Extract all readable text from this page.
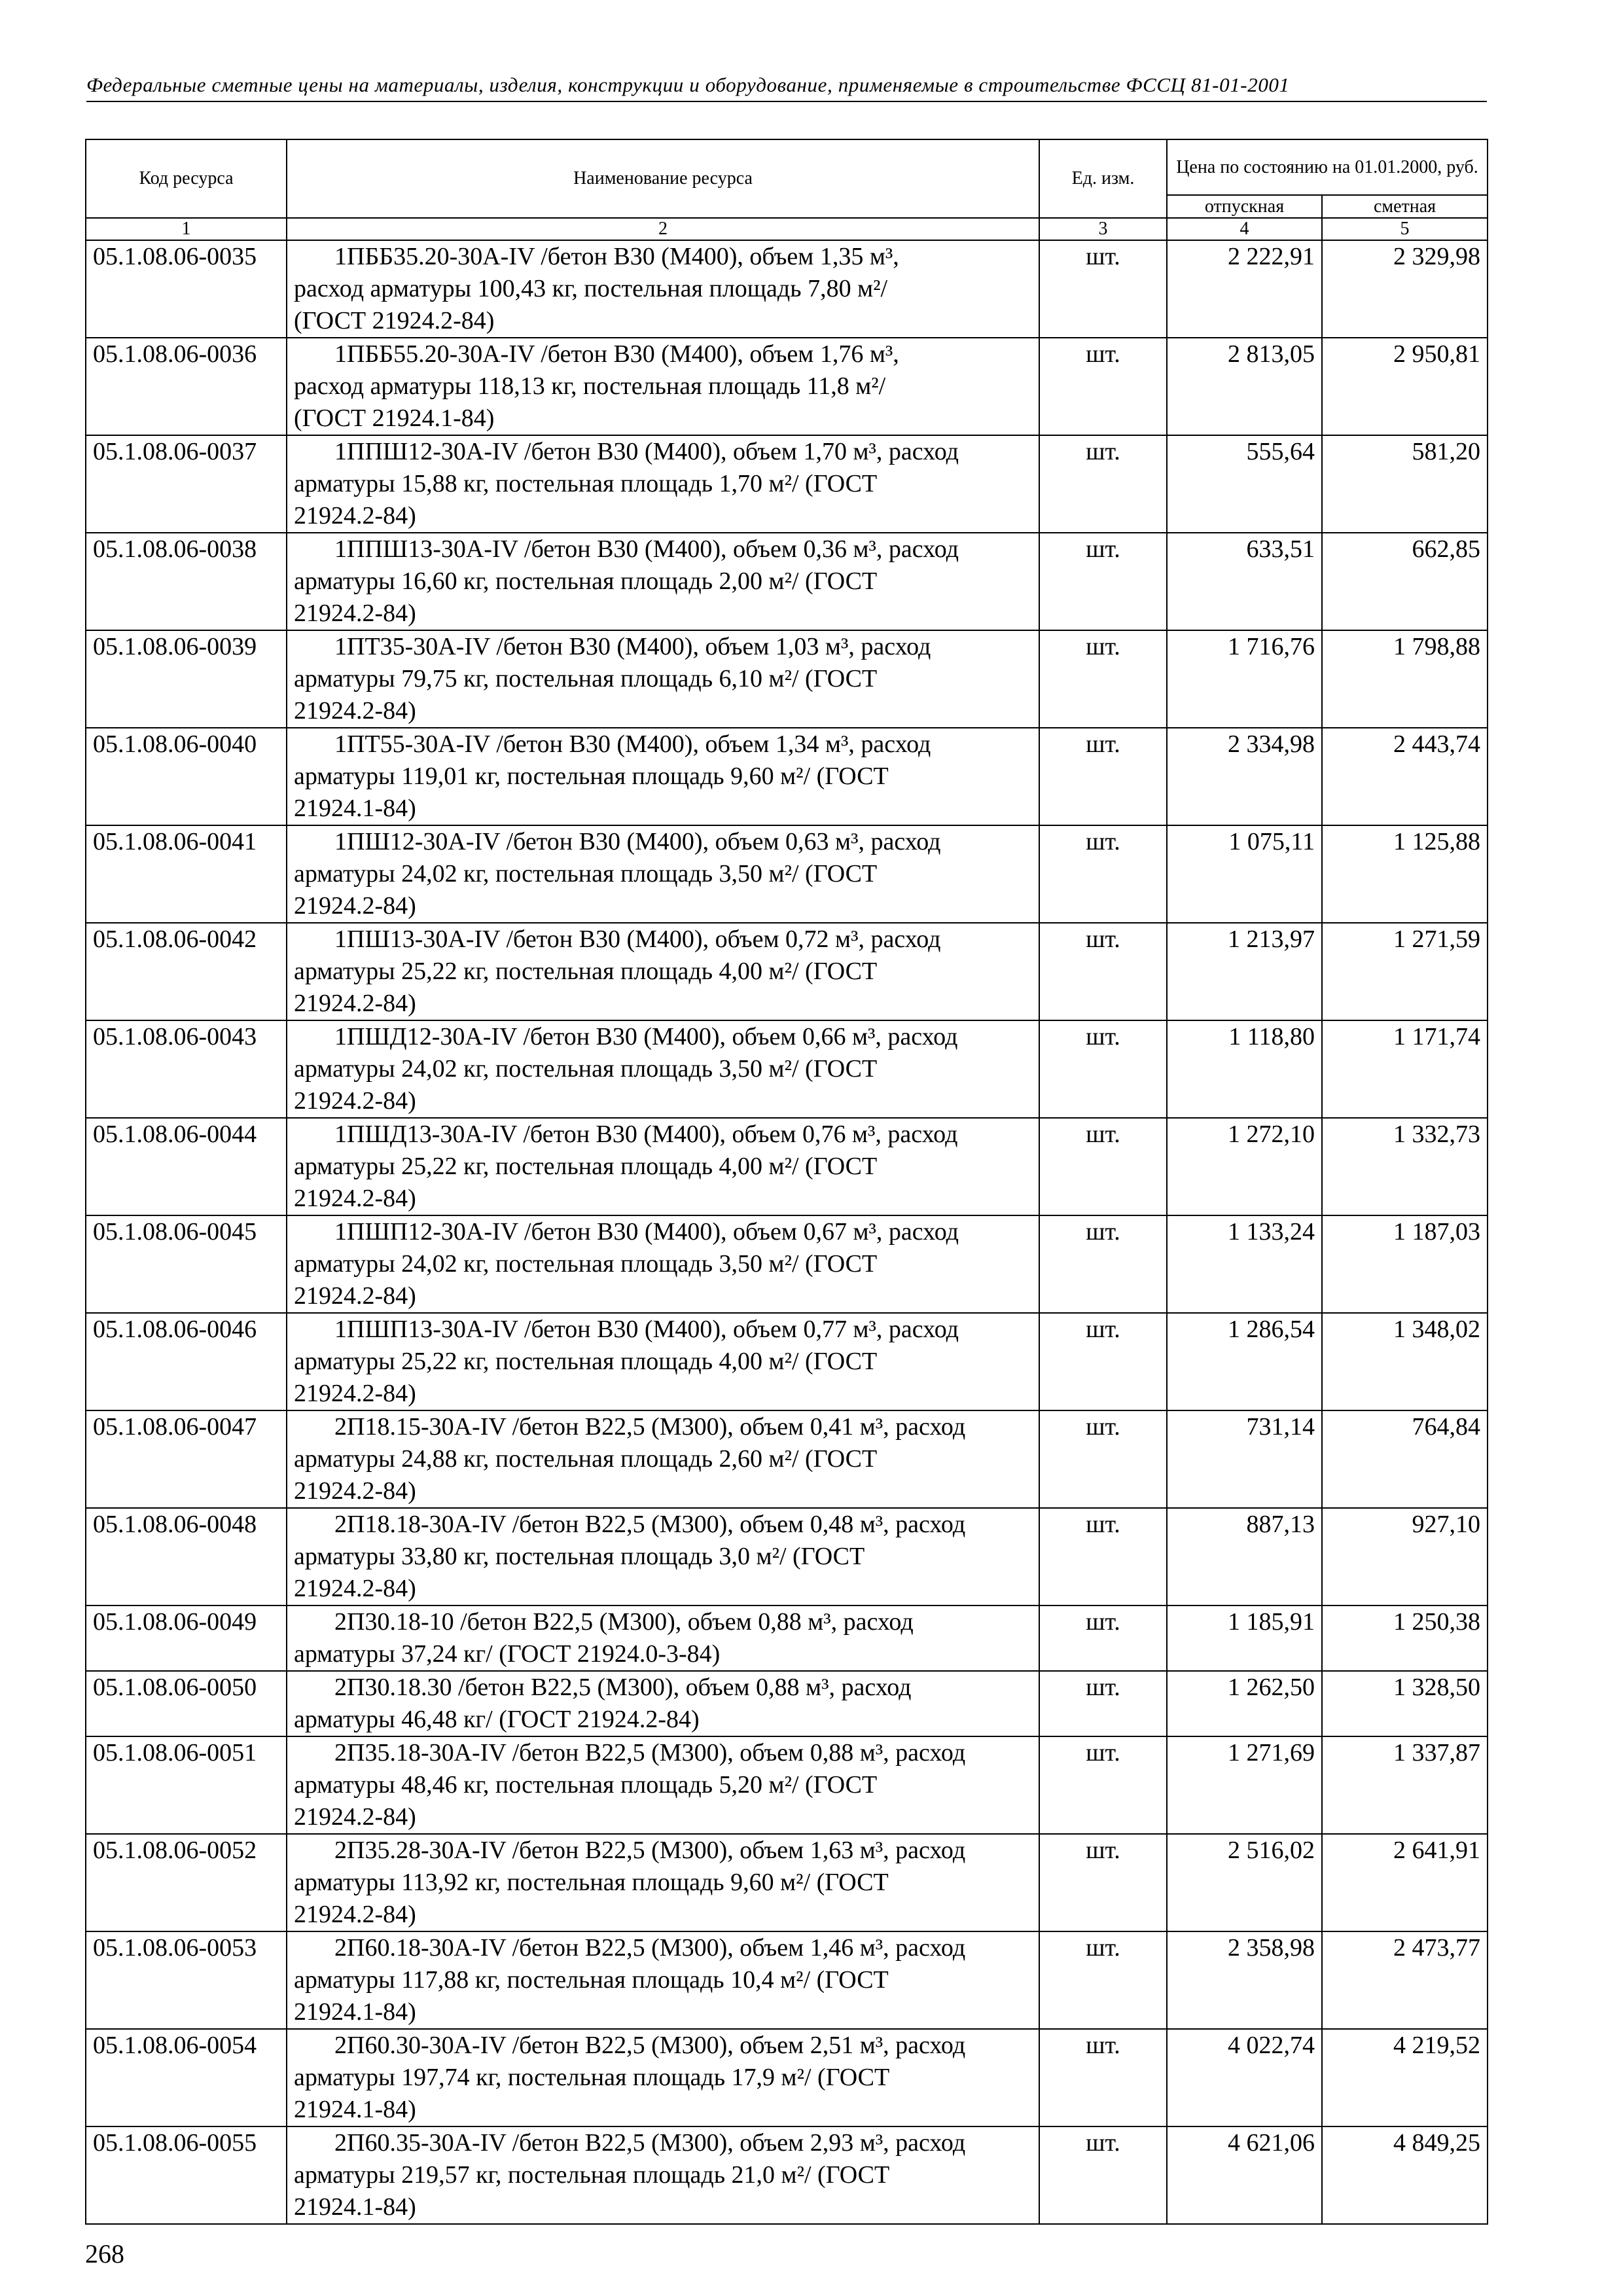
Федеральные сметные цены на материалы, изделия, конструкции и оборудование, применяемые в строительстве ФССЦ 81-01-2001
Код ресурса	Наименование ресурса	Ед. изм.	Цена по состоянию на 01.01.2000, руб.	
			отпускная	сметная
1	2	3	4	5
05.1.08.06-0035	1ПББ35.20-30А-IV /бетон В30 (М400), объем 1,35 м³,
расход арматуры 100,43 кг, постельная площадь 7,80 м²/
(ГОСТ 21924.2-84)	шт.	2 222,91	2 329,98
05.1.08.06-0036	1ПББ55.20-30А-IV /бетон В30 (М400), объем 1,76 м³,
расход арматуры 118,13 кг, постельная площадь 11,8 м²/
(ГОСТ 21924.1-84)	шт.	2 813,05	2 950,81
05.1.08.06-0037	1ППШ12-30А-IV /бетон В30 (М400), объем 1,70 м³, расход
арматуры 15,88 кг, постельная площадь 1,70 м²/ (ГОСТ
21924.2-84)	шт.	555,64	581,20
05.1.08.06-0038	1ППШ13-30А-IV /бетон В30 (М400), объем 0,36 м³, расход
арматуры 16,60 кг, постельная площадь 2,00 м²/ (ГОСТ
21924.2-84)	шт.	633,51	662,85
05.1.08.06-0039	1ПТ35-30А-IV /бетон В30 (М400), объем 1,03 м³, расход
арматуры 79,75 кг, постельная площадь 6,10 м²/ (ГОСТ
21924.2-84)	шт.	1 716,76	1 798,88
05.1.08.06-0040	1ПТ55-30А-IV /бетон В30 (М400), объем 1,34 м³, расход
арматуры 119,01 кг, постельная площадь 9,60 м²/ (ГОСТ
21924.1-84)	шт.	2 334,98	2 443,74
05.1.08.06-0041	1ПШ12-30А-IV /бетон В30 (М400), объем 0,63 м³, расход
арматуры 24,02 кг, постельная площадь 3,50 м²/ (ГОСТ
21924.2-84)	шт.	1 075,11	1 125,88
05.1.08.06-0042	1ПШ13-30А-IV /бетон В30 (М400), объем 0,72 м³, расход
арматуры 25,22 кг, постельная площадь 4,00 м²/ (ГОСТ
21924.2-84)	шт.	1 213,97	1 271,59
05.1.08.06-0043	1ПШД12-30А-IV /бетон В30 (М400), объем 0,66 м³, расход
арматуры 24,02 кг, постельная площадь 3,50 м²/ (ГОСТ
21924.2-84)	шт.	1 118,80	1 171,74
05.1.08.06-0044	1ПШД13-30А-IV /бетон В30 (М400), объем 0,76 м³, расход
арматуры 25,22 кг, постельная площадь 4,00 м²/ (ГОСТ
21924.2-84)	шт.	1 272,10	1 332,73
05.1.08.06-0045	1ПШП12-30А-IV /бетон В30 (М400), объем 0,67 м³, расход
арматуры 24,02 кг, постельная площадь 3,50 м²/ (ГОСТ
21924.2-84)	шт.	1 133,24	1 187,03
05.1.08.06-0046	1ПШП13-30А-IV /бетон В30 (М400), объем 0,77 м³, расход
арматуры 25,22 кг, постельная площадь 4,00 м²/ (ГОСТ
21924.2-84)	шт.	1 286,54	1 348,02
05.1.08.06-0047	2П18.15-30А-IV /бетон В22,5 (М300), объем 0,41 м³, расход
арматуры 24,88 кг, постельная площадь 2,60 м²/ (ГОСТ
21924.2-84)	шт.	731,14	764,84
05.1.08.06-0048	2П18.18-30А-IV /бетон В22,5 (М300), объем 0,48 м³, расход
арматуры 33,80 кг, постельная площадь 3,0 м²/ (ГОСТ
21924.2-84)	шт.	887,13	927,10
05.1.08.06-0049	2П30.18-10 /бетон В22,5 (М300), объем 0,88 м³, расход
арматуры 37,24 кг/ (ГОСТ 21924.0-3-84)	шт.	1 185,91	1 250,38
05.1.08.06-0050	2П30.18.30 /бетон В22,5 (М300), объем 0,88 м³, расход
арматуры 46,48 кг/ (ГОСТ 21924.2-84)	шт.	1 262,50	1 328,50
05.1.08.06-0051	2П35.18-30А-IV /бетон В22,5 (М300), объем 0,88 м³, расход
арматуры 48,46 кг, постельная площадь 5,20 м²/ (ГОСТ
21924.2-84)	шт.	1 271,69	1 337,87
05.1.08.06-0052	2П35.28-30А-IV /бетон В22,5 (М300), объем 1,63 м³, расход
арматуры 113,92 кг, постельная площадь 9,60 м²/ (ГОСТ
21924.2-84)	шт.	2 516,02	2 641,91
05.1.08.06-0053	2П60.18-30А-IV /бетон В22,5 (М300), объем 1,46 м³, расход
арматуры 117,88 кг, постельная площадь 10,4 м²/ (ГОСТ
21924.1-84)	шт.	2 358,98	2 473,77
05.1.08.06-0054	2П60.30-30А-IV /бетон В22,5 (М300), объем 2,51 м³, расход
арматуры 197,74 кг, постельная площадь 17,9 м²/ (ГОСТ
21924.1-84)	шт.	4 022,74	4 219,52
05.1.08.06-0055	2П60.35-30А-IV /бетон В22,5 (М300), объем 2,93 м³, расход
арматуры 219,57 кг, постельная площадь 21,0 м²/ (ГОСТ
21924.1-84)	шт.	4 621,06	4 849,25
268
